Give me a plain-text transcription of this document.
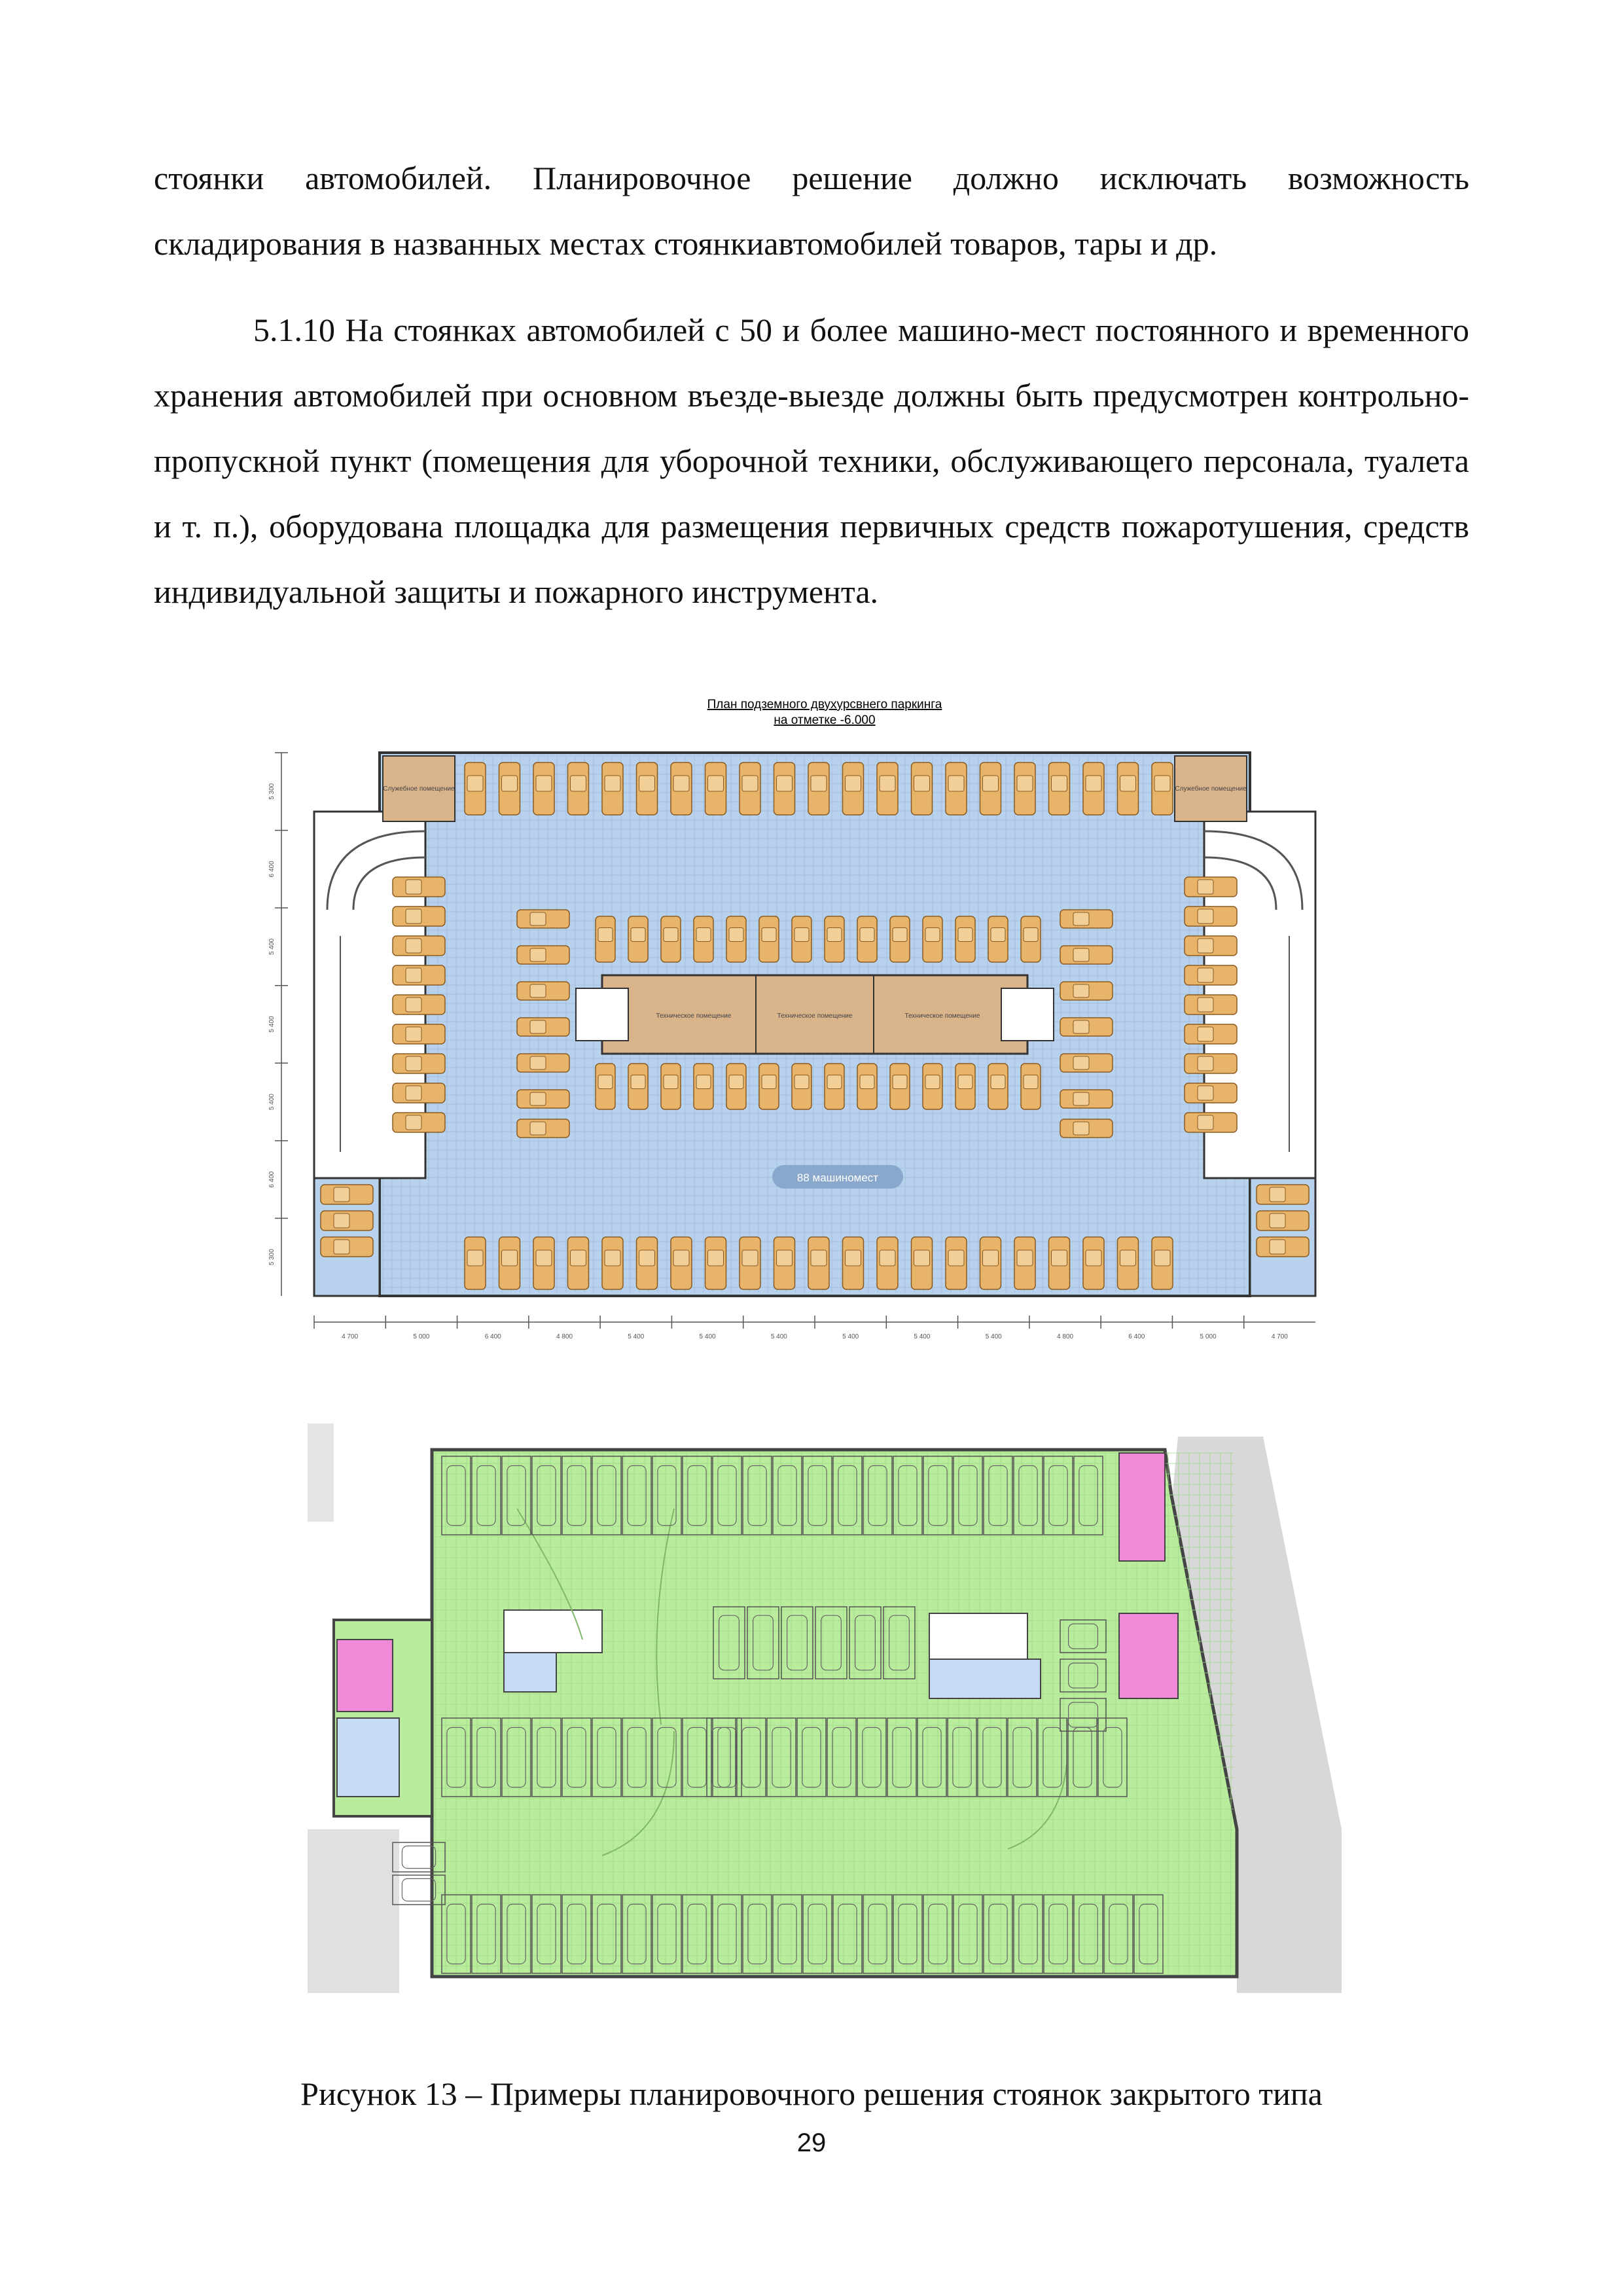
стоянки автомобилей. Планировочное решение должно исключать возможность складирования в названных местах стоянкиавтомобилей товаров, тары и др.

5.1.10 На стоянках автомобилей с 50 и более машино-мест постоянного и временного хранения автомобилей при основном въезде-выезде должны быть предусмотрен контрольно-пропускной пункт (помещения для уборочной техники, обслуживающего персонала, туалета и т. п.), оборудована площадка для размещения первичных средств пожаротушения, средств индивидуальной защиты и пожарного инструмента.

План подземного двухурсвнего паркинга
на отметке -6.000
Служебное помещение	Служебное помещение
Техническое помещение	Техническое помещение	Техническое помещение
88 машиномест
4 700	5 000	6 400	4 800	5 400	5 400	5 400	5 400	5 400	5 400	4 800	6 400	5 000	4 700
5 300
6 400
5 400
5 400
5 400
6 400
5 300

Рисунок 13 – Примеры планировочного решения стоянок закрытого типа

29
